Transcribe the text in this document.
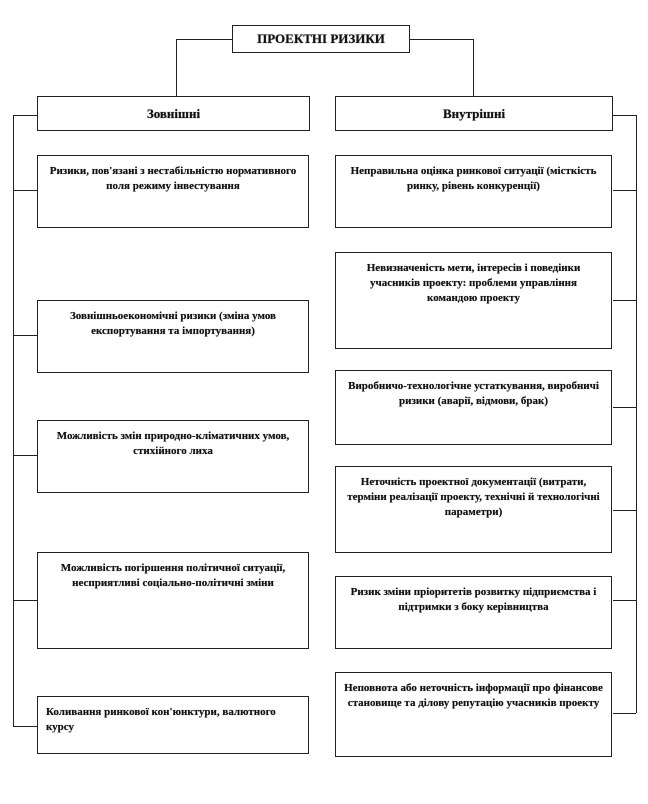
ПРОЕКТНІ РИЗИКИ
Зовнішні	Внутрішні
Ризики, пов'язані з нестабільністю нормативного поля режиму інвестування
Зовнішньоекономічні ризики (зміна умов експортування та імпортування)
Можливість змін природно-кліматичних умов, стихійного лиха
Можливість погіршення політичної ситуації, несприятливі соціально-політичні зміни
Коливання ринкової кон'юнктури, валютного курсу
Неправильна оцінка ринкової ситуації (місткість ринку, рівень конкуренції)
Невизначеність мети, інтересів і поведінки учасників проекту: проблеми управління командою проекту
Виробничо-технологічне устаткування, виробничі ризики (аварії, відмови, брак)
Неточність проектної документації (витрати, терміни реалізації проекту, технічні й технологічні параметри)
Ризик зміни пріоритетів розвитку підприємства і підтримки з боку керівництва
Неповнота або неточність інформації про фінансове становище та ділову репутацію учасників проекту
